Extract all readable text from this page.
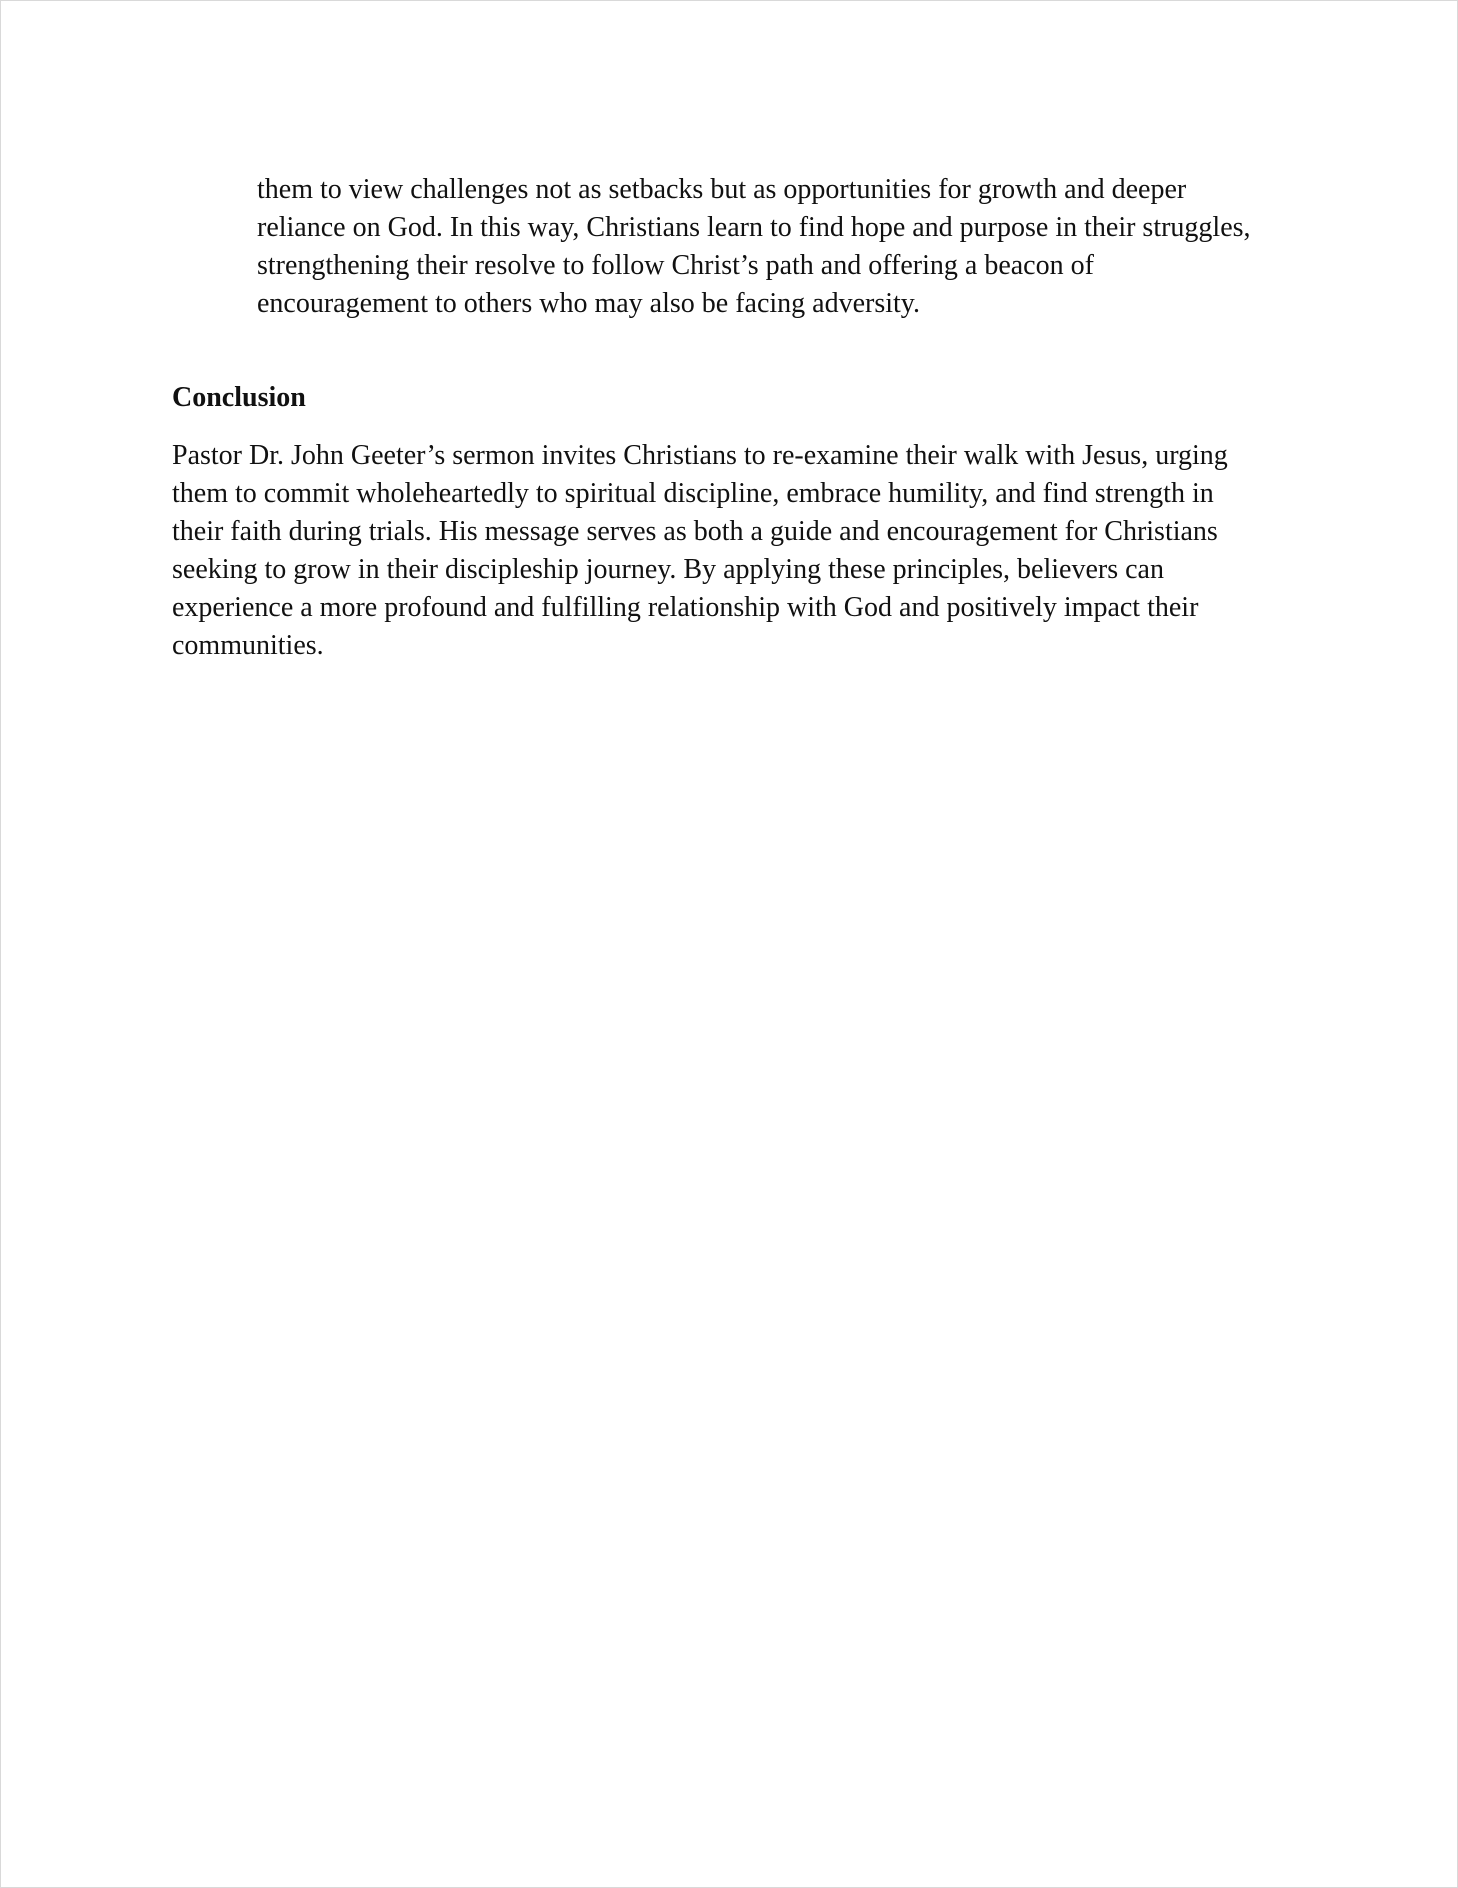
them to view challenges not as setbacks but as opportunities for growth and deeper
reliance on God. In this way, Christians learn to find hope and purpose in their struggles,
strengthening their resolve to follow Christ’s path and offering a beacon of
encouragement to others who may also be facing adversity.
Conclusion
Pastor Dr. John Geeter’s sermon invites Christians to re-examine their walk with Jesus, urging
them to commit wholeheartedly to spiritual discipline, embrace humility, and find strength in
their faith during trials. His message serves as both a guide and encouragement for Christians
seeking to grow in their discipleship journey. By applying these principles, believers can
experience a more profound and fulfilling relationship with God and positively impact their
communities.
